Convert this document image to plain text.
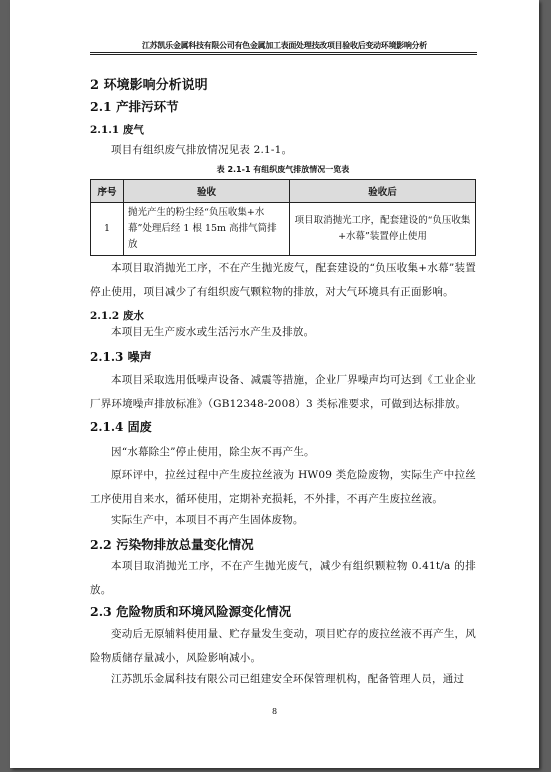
江苏凯乐金属科技有限公司有色金属加工表面处理技改项目验收后变动环境影响分析
2 环境影响分析说明
2.1 产排污环节
2.1.1 废气
项目有组织废气排放情况见表 2.1-1。
表 2.1-1 有组织废气排放情况一览表
序号	验收	验收后
1	抛光产生的粉尘经“负压收集+水幕”处理后经 1 根 15m 高排气筒排放	项目取消抛光工序，配套建设的“负压收集+水幕”装置停止使用
本项目取消抛光工序，不在产生抛光废气，配套建设的“负压收集+水幕”装置停止使用，项目减少了有组织废气颗粒物的排放，对大气环境具有正面影响。
2.1.2 废水
本项目无生产废水或生活污水产生及排放。
2.1.3 噪声
本项目采取选用低噪声设备、减震等措施，企业厂界噪声均可达到《工业企业厂界环境噪声排放标准》（GB12348-2008）3 类标准要求，可做到达标排放。
2.1.4 固废
因“水幕除尘”停止使用，除尘灰不再产生。
原环评中，拉丝过程中产生废拉丝液为 HW09 类危险废物，实际生产中拉丝工序使用自来水，循环使用，定期补充损耗，不外排，不再产生废拉丝液。
实际生产中，本项目不再产生固体废物。
2.2 污染物排放总量变化情况
本项目取消抛光工序，不在产生抛光废气，减少有组织颗粒物 0.41t/a 的排放。
2.3 危险物质和环境风险源变化情况
变动后无原辅料使用量、贮存量发生变动，项目贮存的废拉丝液不再产生，风险物质储存量减小，风险影响减小。
江苏凯乐金属科技有限公司已组建安全环保管理机构，配备管理人员，通过
8
